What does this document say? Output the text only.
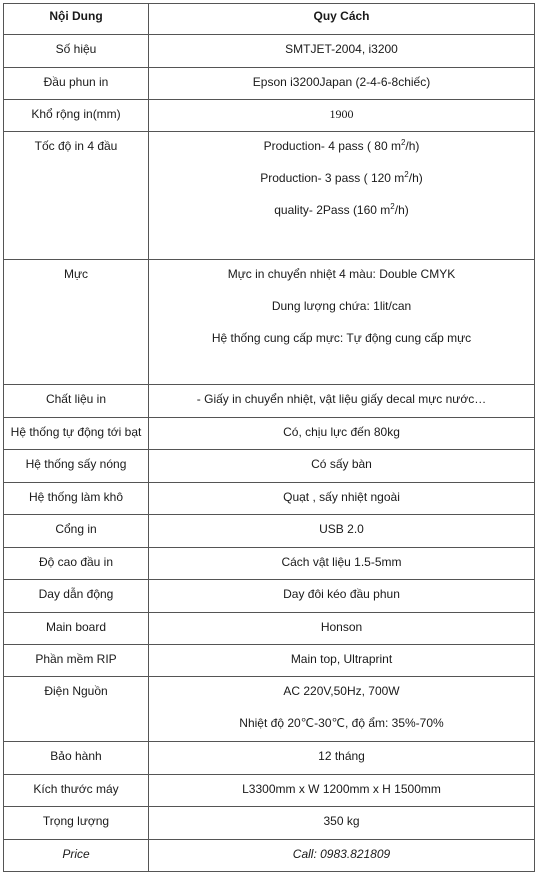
Nội Dung	Quy Cách
Số hiệu	SMTJET-2004, i3200
Đầu phun in	Epson i3200Japan (2-4-6-8chiếc)
Khổ rộng in(mm)	1900
Tốc độ in 4 đầu	Production- 4 pass ( 80 $m^2/h$)
Production- 3 pass ( 120 $m^2/h$)
quality- 2Pass (160 $m^2/h$)

Mực	Mực in chuyển nhiệt 4 màu: Double CMYK
Dung lượng chứa: 1lit/can
Hệ thống cung cấp mực: Tự động cung cấp mực

Chất liệu in	- Giấy in chuyển nhiệt, vật liệu giấy decal mực nước…
Hệ thống tự động tới bạt	Có, chịu lực đến 80kg
Hệ thống sấy nóng	Có sấy bàn
Hệ thống làm khô	Quạt , sấy nhiệt ngoài
Cổng in	USB 2.0
Độ cao đầu in	Cách vật liệu 1.5-5mm
Day dẫn động	Day đôi kéo đầu phun
Main board	Honson
Phần mềm RIP	Main top, Ultraprint
Điện Nguồn	AC 220V,50Hz, 700W
Nhiệt độ 20℃-30℃, độ ẩm: 35%-70%

Bảo hành	12 tháng
Kích thước máy	L3300mm x W 1200mm x H 1500mm
Trọng lượng	350 kg
Price	Call: 0983.821809
